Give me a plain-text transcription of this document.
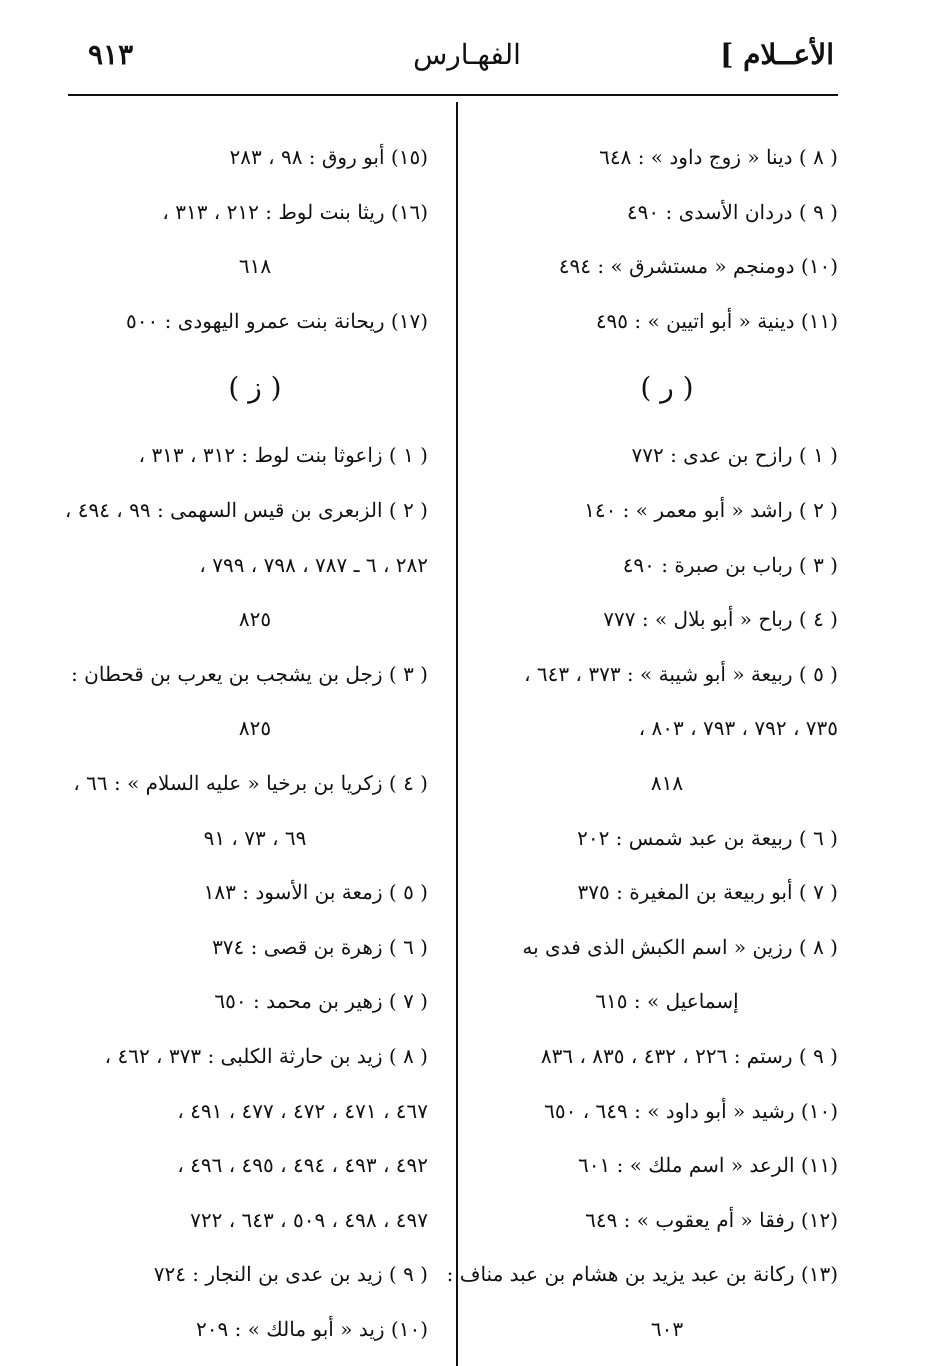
٩١٣	الفهـارس	الأعــلام ]
( ٨ ) دينا « زوج داود » : ٦٤٨
( ٩ ) دردان الأسدى : ٤٩٠
(١٠) دومنجم « مستشرق » : ٤٩٤
(١١) دينية « أبو اتيين » : ٤٩٥
( ر )
( ١ ) رازح بن عدى : ٧٧٢
( ٢ ) راشد « أبو معمر » : ١٤٠
( ٣ ) رباب بن صبرة : ٤٩٠
( ٤ ) رباح « أبو بلال » : ٧٧٧
( ٥ ) ربيعة « أبو شيبة » : ٣٧٣ ، ٦٤٣ ،
٧٣٥ ، ٧٩٢ ، ٧٩٣ ، ٨٠٣ ،
٨١٨
( ٦ ) ربيعة بن عبد شمس : ٢٠٢
( ٧ ) أبو ربيعة بن المغيرة : ٣٧٥
( ٨ ) رزين « اسم الكبش الذى فدى به
إسماعيل » : ٦١٥
( ٩ ) رستم : ٢٢٦ ، ٤٣٢ ، ٨٣٥ ، ٨٣٦
(١٠) رشيد « أبو داود » : ٦٤٩ ، ٦٥٠
(١١) الرعد « اسم ملك » : ٦٠١
(١٢) رفقا « أم يعقوب » : ٦٤٩
(١٣) ركانة بن عبد يزيد بن هشام بن عبد مناف :
٦٠٣
(١٥) أبو روق : ٩٨ ، ٢٨٣
(١٦) ريثا بنت لوط : ٢١٢ ، ٣١٣ ،
٦١٨
(١٧) ريحانة بنت عمرو اليهودى : ٥٠٠
( ز )
( ١ ) زاعوثا بنت لوط : ٣١٢ ، ٣١٣ ،
( ٢ ) الزبعرى بن قيس السهمى : ٩٩ ، ٤٩٤ ،
٢٨٢ ، ٦ ـ ٧٨٧ ، ٧٩٨ ، ٧٩٩ ،
٨٢٥
( ٣ ) زجل بن يشجب بن يعرب بن قحطان :
٨٢٥
( ٤ ) زكريا بن برخيا « عليه السلام » : ٦٦ ،
٦٩ ، ٧٣ ، ٩١
( ٥ ) زمعة بن الأسود : ١٨٣
( ٦ ) زهرة بن قصى : ٣٧٤
( ٧ ) زهير بن محمد : ٦٥٠
( ٨ ) زيد بن حارثة الكلبى : ٣٧٣ ، ٤٦٢ ،
٤٦٧ ، ٤٧١ ، ٤٧٢ ، ٤٧٧ ، ٤٩١ ،
٤٩٢ ، ٤٩٣ ، ٤٩٤ ، ٤٩٥ ، ٤٩٦ ،
٤٩٧ ، ٤٩٨ ، ٥٠٩ ، ٦٤٣ ، ٧٢٢
( ٩ ) زيد بن عدى بن النجار : ٧٢٤
(١٠) زيد « أبو مالك » : ٢٠٩
